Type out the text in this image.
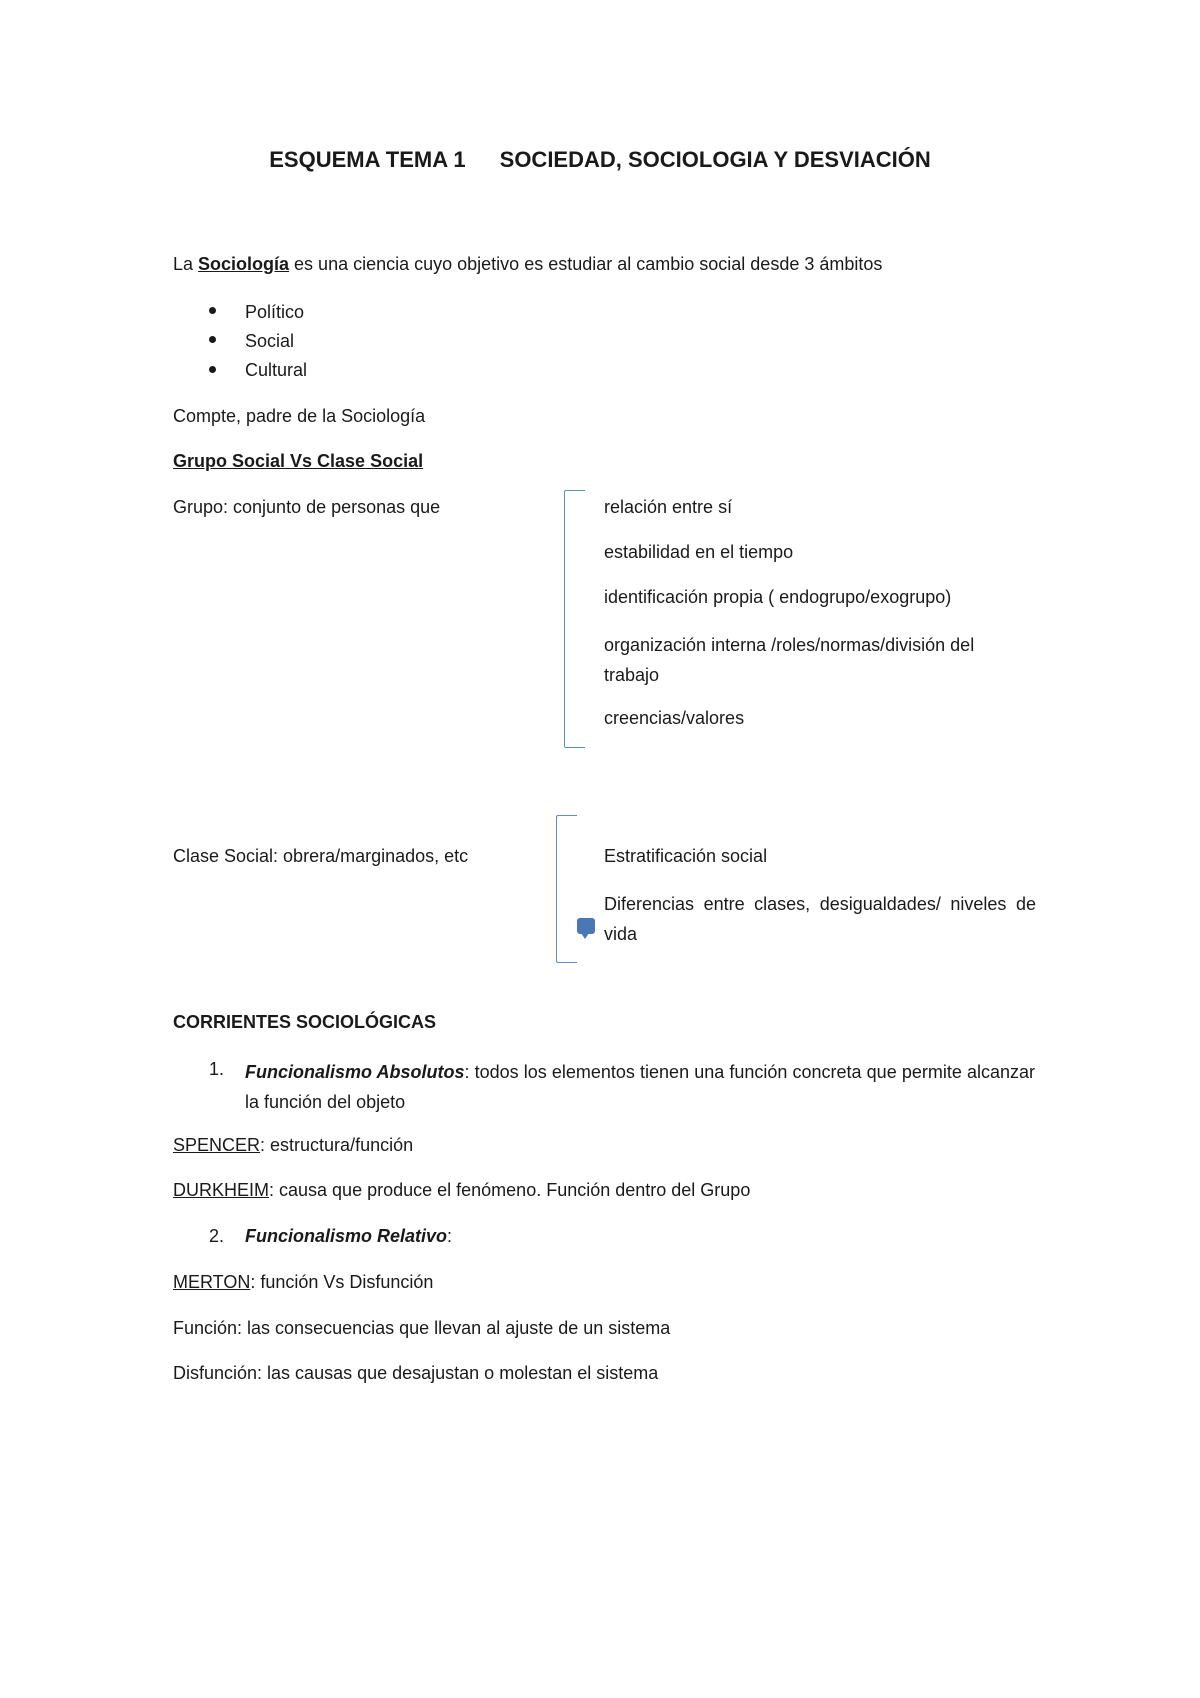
ESQUEMA TEMA 1 SOCIEDAD, SOCIOLOGIA Y DESVIACIÓN
La Sociología es una ciencia cuyo objetivo es estudiar al cambio social desde 3 ámbitos
Político
Social
Cultural
Compte, padre de la Sociología
Grupo Social Vs Clase Social
Grupo: conjunto de personas que	relación entre sí
estabilidad en el tiempo
identificación propia ( endogrupo/exogrupo)
organización interna /roles/normas/división del trabajo
creencias/valores
Clase Social: obrera/marginados, etc	Estratificación social
Diferencias entre clases, desigualdades/ niveles de vida
CORRIENTES SOCIOLÓGICAS
1. Funcionalismo Absolutos: todos los elementos tienen una función concreta que permite alcanzar la función del objeto
SPENCER: estructura/función
DURKHEIM: causa que produce el fenómeno. Función dentro del Grupo
2. Funcionalismo Relativo:
MERTON: función Vs Disfunción
Función: las consecuencias que llevan al ajuste de un sistema
Disfunción: las causas que desajustan o molestan el sistema
